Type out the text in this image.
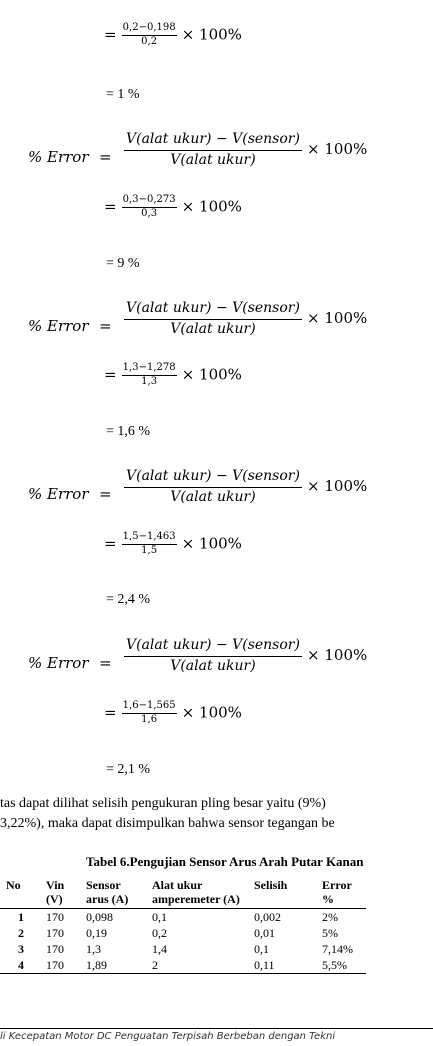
= $\frac{0,2-0,198}{0,2} \times 100\%$
= 1 %
% Error = $\frac{\text{V(alat ukur) − V(sensor)}}{\text{V(alat ukur)}} \times 100\%$
= $\frac{0,3-0,273}{0,3} \times 100\%$
= 9 %
% Error = $\frac{\text{V(alat ukur) − V(sensor)}}{\text{V(alat ukur)}} \times 100\%$
= $\frac{1,3-1,278}{1,3} \times 100\%$
= 1,6 %
% Error = $\frac{\text{V(alat ukur) − V(sensor)}}{\text{V(alat ukur)}} \times 100\%$
= $\frac{1,5-1,463}{1,5} \times 100\%$
= 2,4 %
% Error = $\frac{\text{V(alat ukur) − V(sensor)}}{\text{V(alat ukur)}} \times 100\%$
= $\frac{1,6-1,565}{1,6} \times 100\%$
= 2,1 %
tas dapat dilihat selisih pengukuran pling besar yaitu (9%)
3,22%), maka dapat disimpulkan bahwa sensor tegangan be
Tabel 6.Pengujian Sensor Arus Arah Putar Kanan
No	Vin (V)	Sensor arus (A)	Alat ukur amperemeter (A)	Selisih	Error %
1	170	0,098	0,1	0,002	2%
2	170	0,19	0,2	0,01	5%
3	170	1,3	1,4	0,1	7,14%
4	170	1,89	2	0,11	5,5%
li Kecepatan Motor DC Penguatan Terpisah Berbeban dengan Tekni
